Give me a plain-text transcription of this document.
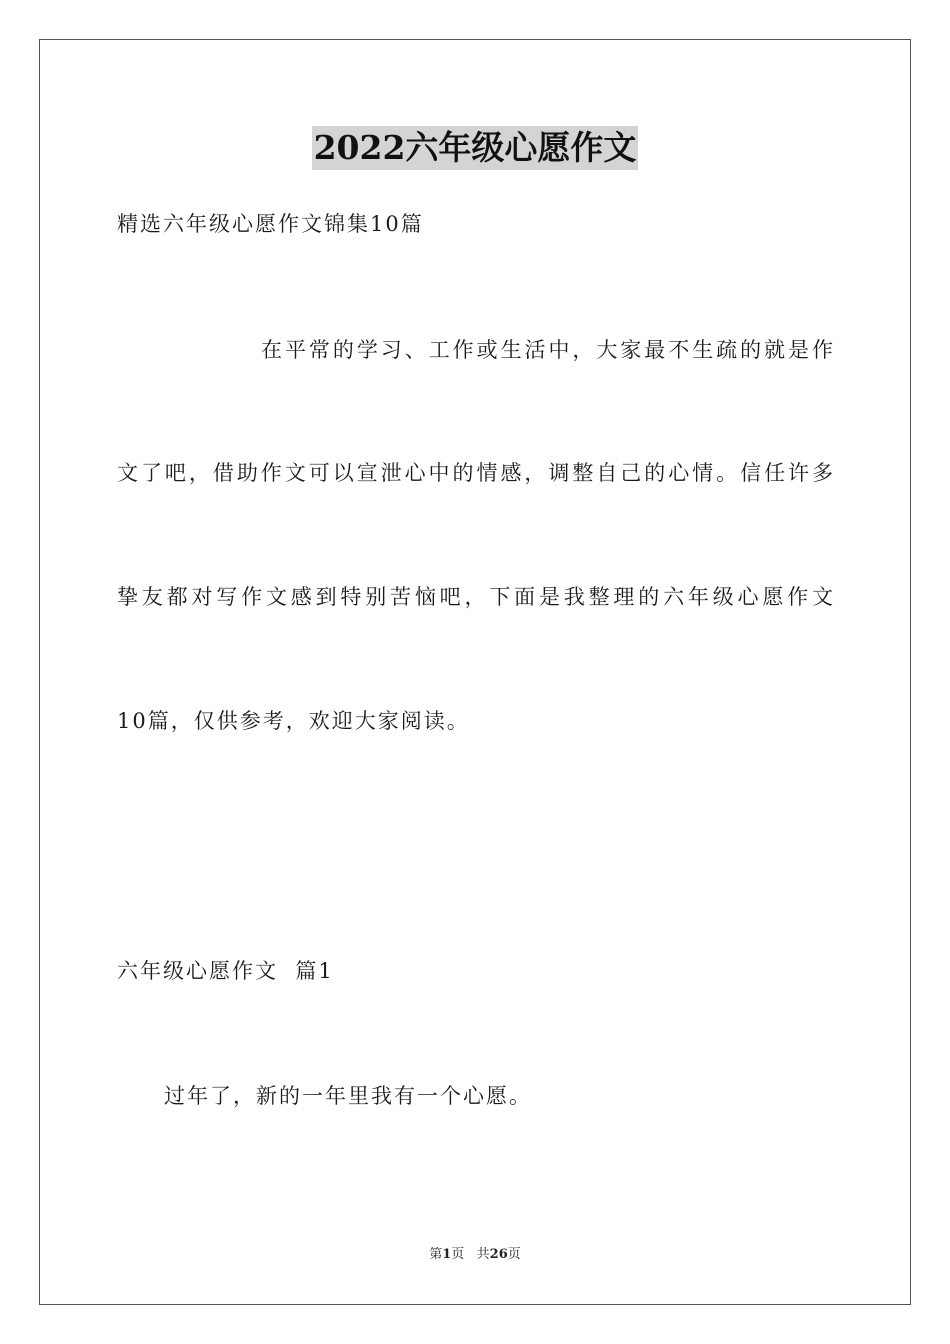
2022六年级心愿作文
精选六年级心愿作文锦集10篇
在平常的学习、工作或生活中，大家最不生疏的就是作
文了吧，借助作文可以宣泄心中的情感，调整自己的心情。信任许多
挚友都对写作文感到特别苦恼吧，下面是我整理的六年级心愿作文
10篇，仅供参考，欢迎大家阅读。
六年级心愿作文  篇1
过年了，新的一年里我有一个心愿。
第1页   共26页
